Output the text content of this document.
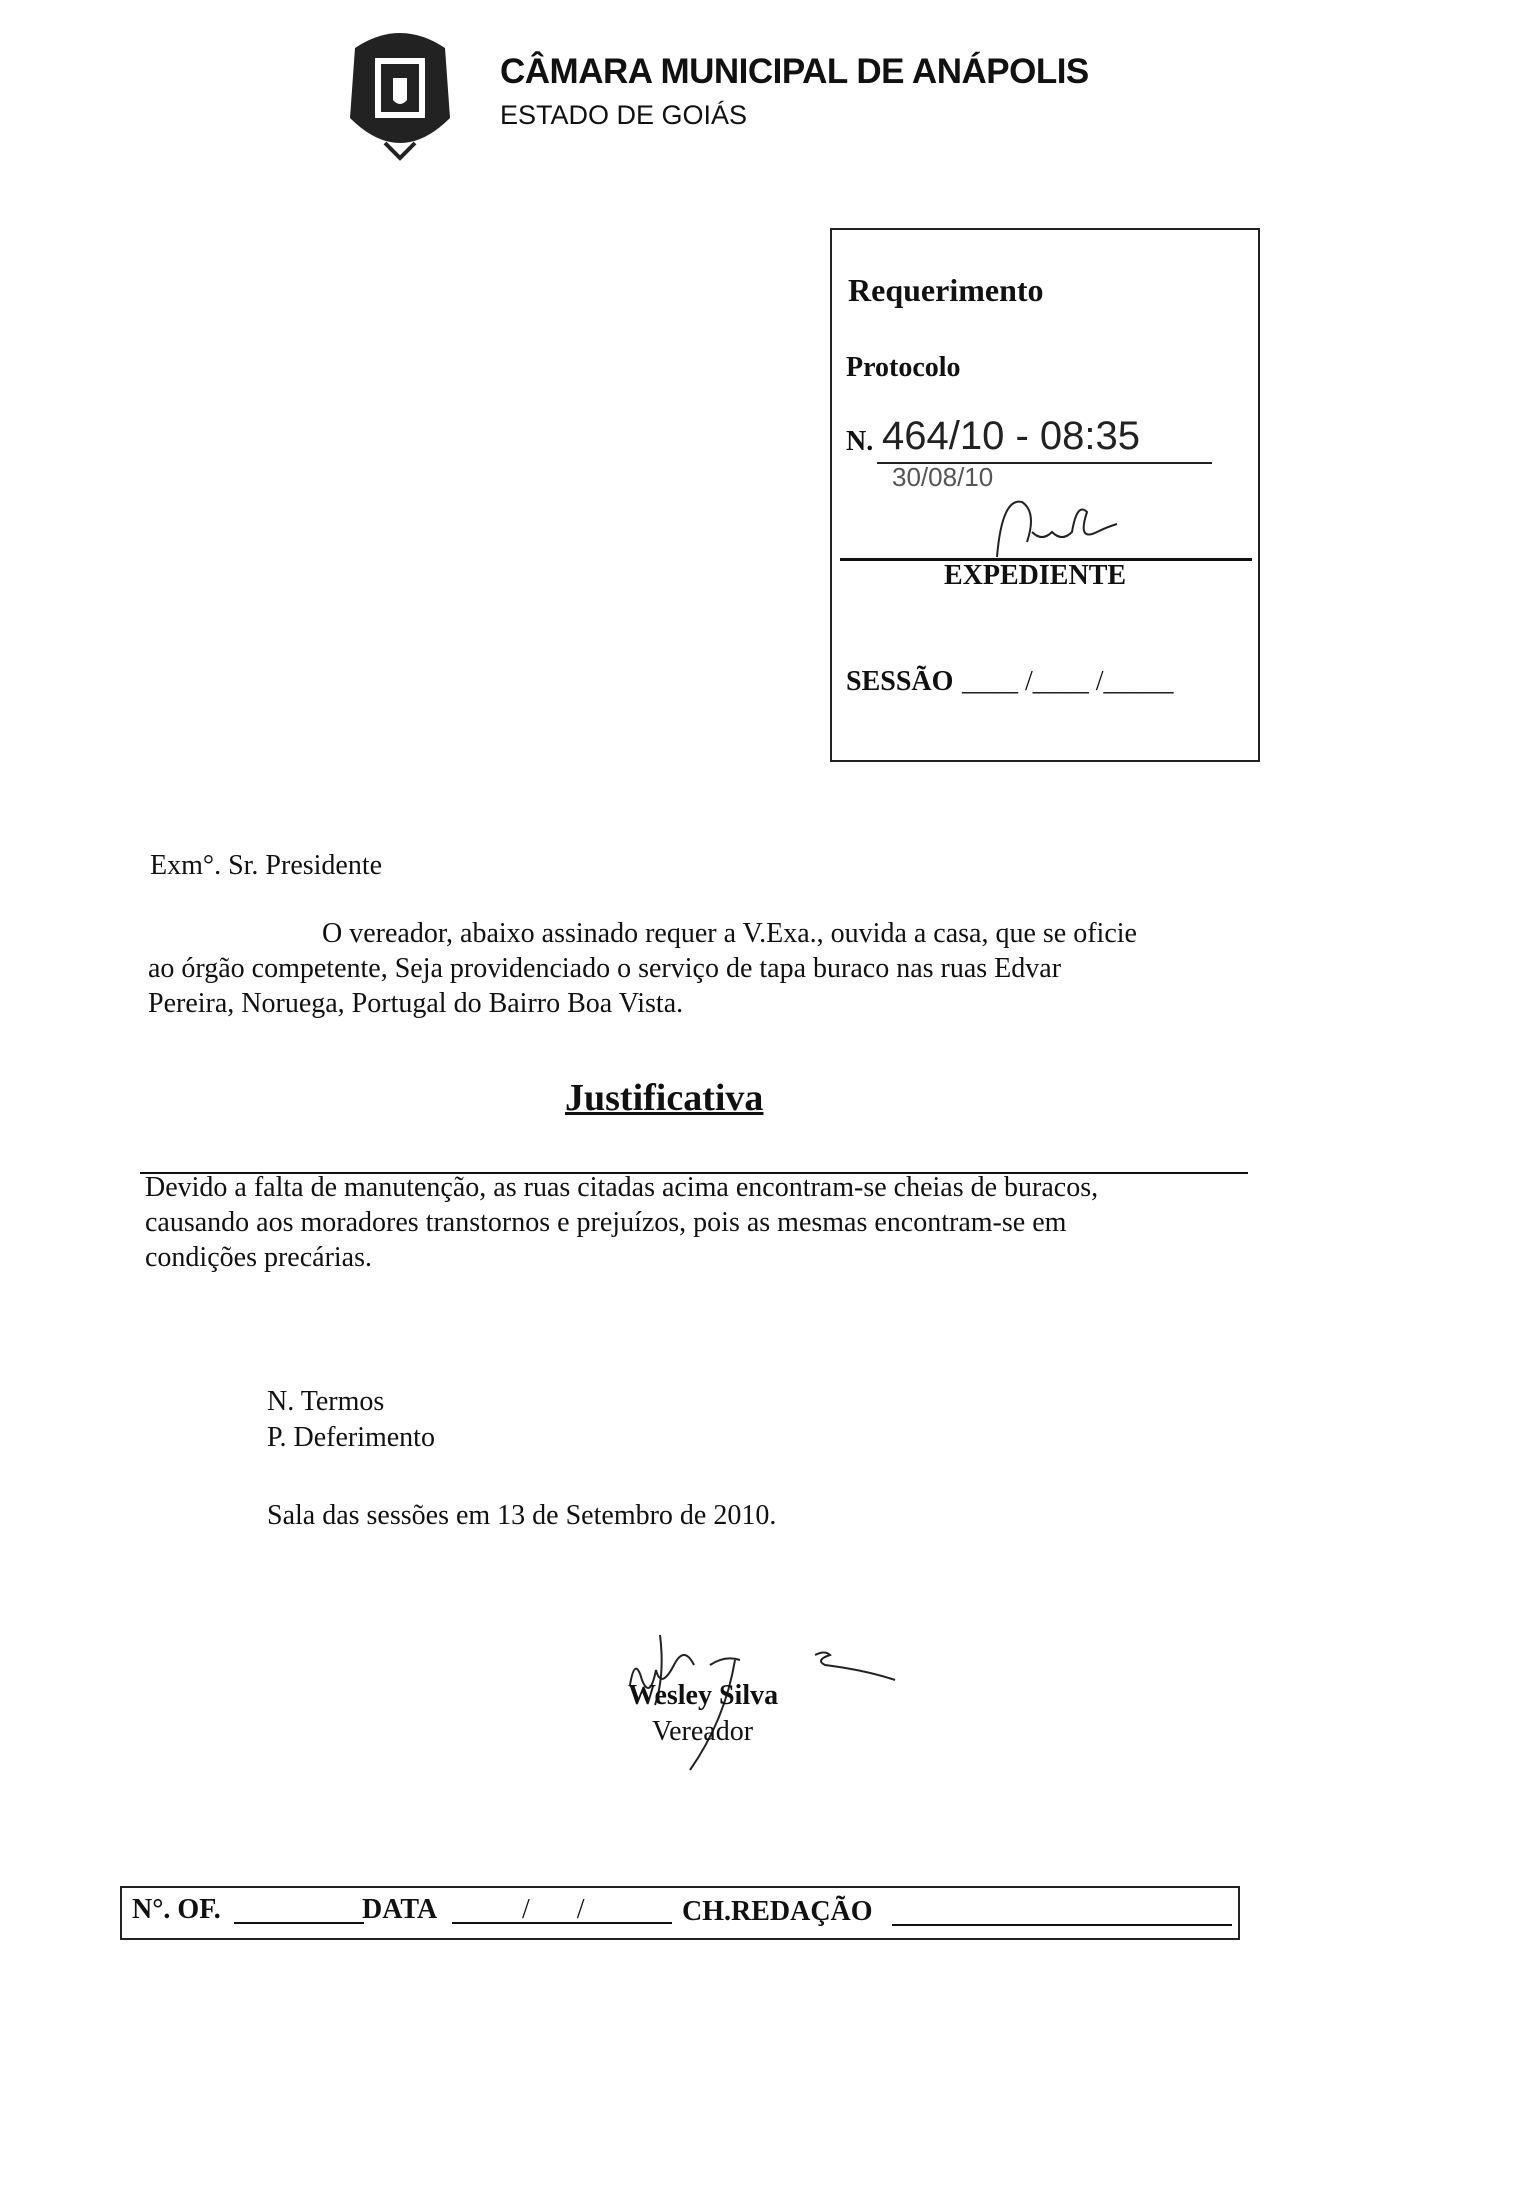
CÂMARA MUNICIPAL DE ANÁPOLIS
ESTADO DE GOIÁS
Requerimento
Protocolo
N. 464/10 - 08:35
30/08/10
EXPEDIENTE
SESSÃO ____ /____ /_____
Exm°. Sr. Presidente
O vereador, abaixo assinado requer a V.Exa., ouvida a casa, que se oficie
ao órgão competente, Seja providenciado o serviço de tapa buraco nas ruas Edvar
Pereira, Noruega, Portugal do Bairro Boa Vista.
Justificativa
Devido a falta de manutenção, as ruas citadas acima encontram-se cheias de buracos,
causando aos moradores transtornos e prejuízos, pois as mesmas encontram-se em
condições precárias.
N. Termos
P. Deferimento
Sala das sessões em 13 de Setembro de 2010.
Wesley Silva
Vereador
N°. OF.	DATA	/ /	CH.REDAÇÃO
